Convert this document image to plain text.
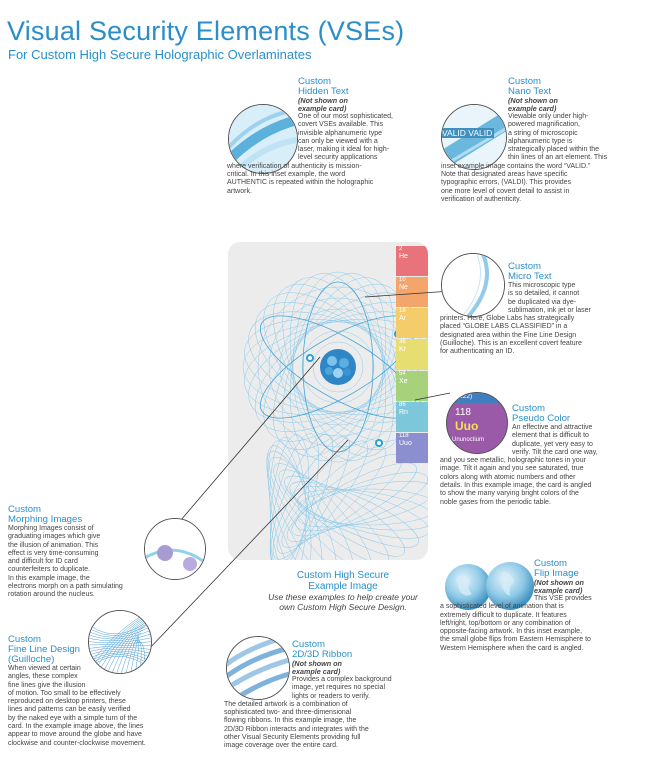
Visual Security Elements (VSEs)
For Custom High Secure Holographic Overlaminates
2
He
10
Ne
18
Ar
36
Kr
54
Xe
86
Rn
118
Uuo
Custom
Hidden Text
(Not shown on
example card)
One of our most sophisticated,
covert VSEs available. This
invisible alphanumeric type
can only be viewed with a
laser, making it ideal for high-
level security applications
where verification of authenticity is mission-
critical. In this inset example, the word
AUTHENTIC is repeated within the holographic
artwork.
VALID VALID
Custom
Nano Text
(Not shown on
example card)
Viewable only under high-
powered magnification,
a string of microscopic
alphanumeric type is
strategically placed within the
thin lines of an art element. This
inset example image contains the word “VALID.”
Note that designated areas have specific
typographic errors, (VALDI). This provides
one more level of covert detail to assist in
verification of authenticity.
Custom
Micro Text
This microscopic type
is so detailed, it cannot
be duplicated via dye-
sublimation, ink jet or laser
printers. Here, Globe Labs has strategically
placed “GLOBE LABS CLASSIFIED” in a
designated area within the Fine Line Design
(Guilloche). This is an excellent covert feature
for authenticating an ID.
(222)
118
Uuo
Ununoctium
Custom
Pseudo Color
An effective and attractive
element that is difficult to
duplicate, yet very easy to
verify. Tilt the card one way,
and you see metallic, holographic tones in your
image. Tilt it again and you see saturated, true
colors along with atomic numbers and other
details. In this example image, the card is angled
to show the many varying bright colors of the
noble gases from the periodic table.
Custom
Morphing Images
Morphing Images consist of
graduating images which give
the illusion of animation. This
effect is very time-consuming
and difficult for ID card
counterfeiters to duplicate.
In this example image, the
electrons morph on a path simulating
rotation around the nucleus.
Custom High Secure
Example Image
Use these examples to help create your
own Custom High Secure Design.
Custom
Flip Image
(Not shown on
example card)
This VSE provides
a sophisticated level of animation that is
extremely difficult to duplicate. It features
left/right, top/bottom or any combination of
opposite-facing artwork. In this inset example,
the small globe flips from Eastern Hemisphere to
Western Hemisphere when the card is angled.
Custom
Fine Line Design
(Guilloche)
When viewed at certain
angles, these complex
fine lines give the illusion
of motion. Too small to be effectively
reproduced on desktop printers, these
lines and patterns can be easily verified
by the naked eye with a simple turn of the
card. In the example image above, the lines
appear to move around the globe and have
clockwise and counter-clockwise movement.
Custom
2D/3D Ribbon
(Not shown on
example card)
Provides a complex background
image, yet requires no special
lights or readers to verify.
The detailed artwork is a combination of
sophisticated two- and three-dimensional
flowing ribbons. In this example image, the
2D/3D Ribbon interacts and integrates with the
other Visual Security Elements providing full
image coverage over the entire card.
